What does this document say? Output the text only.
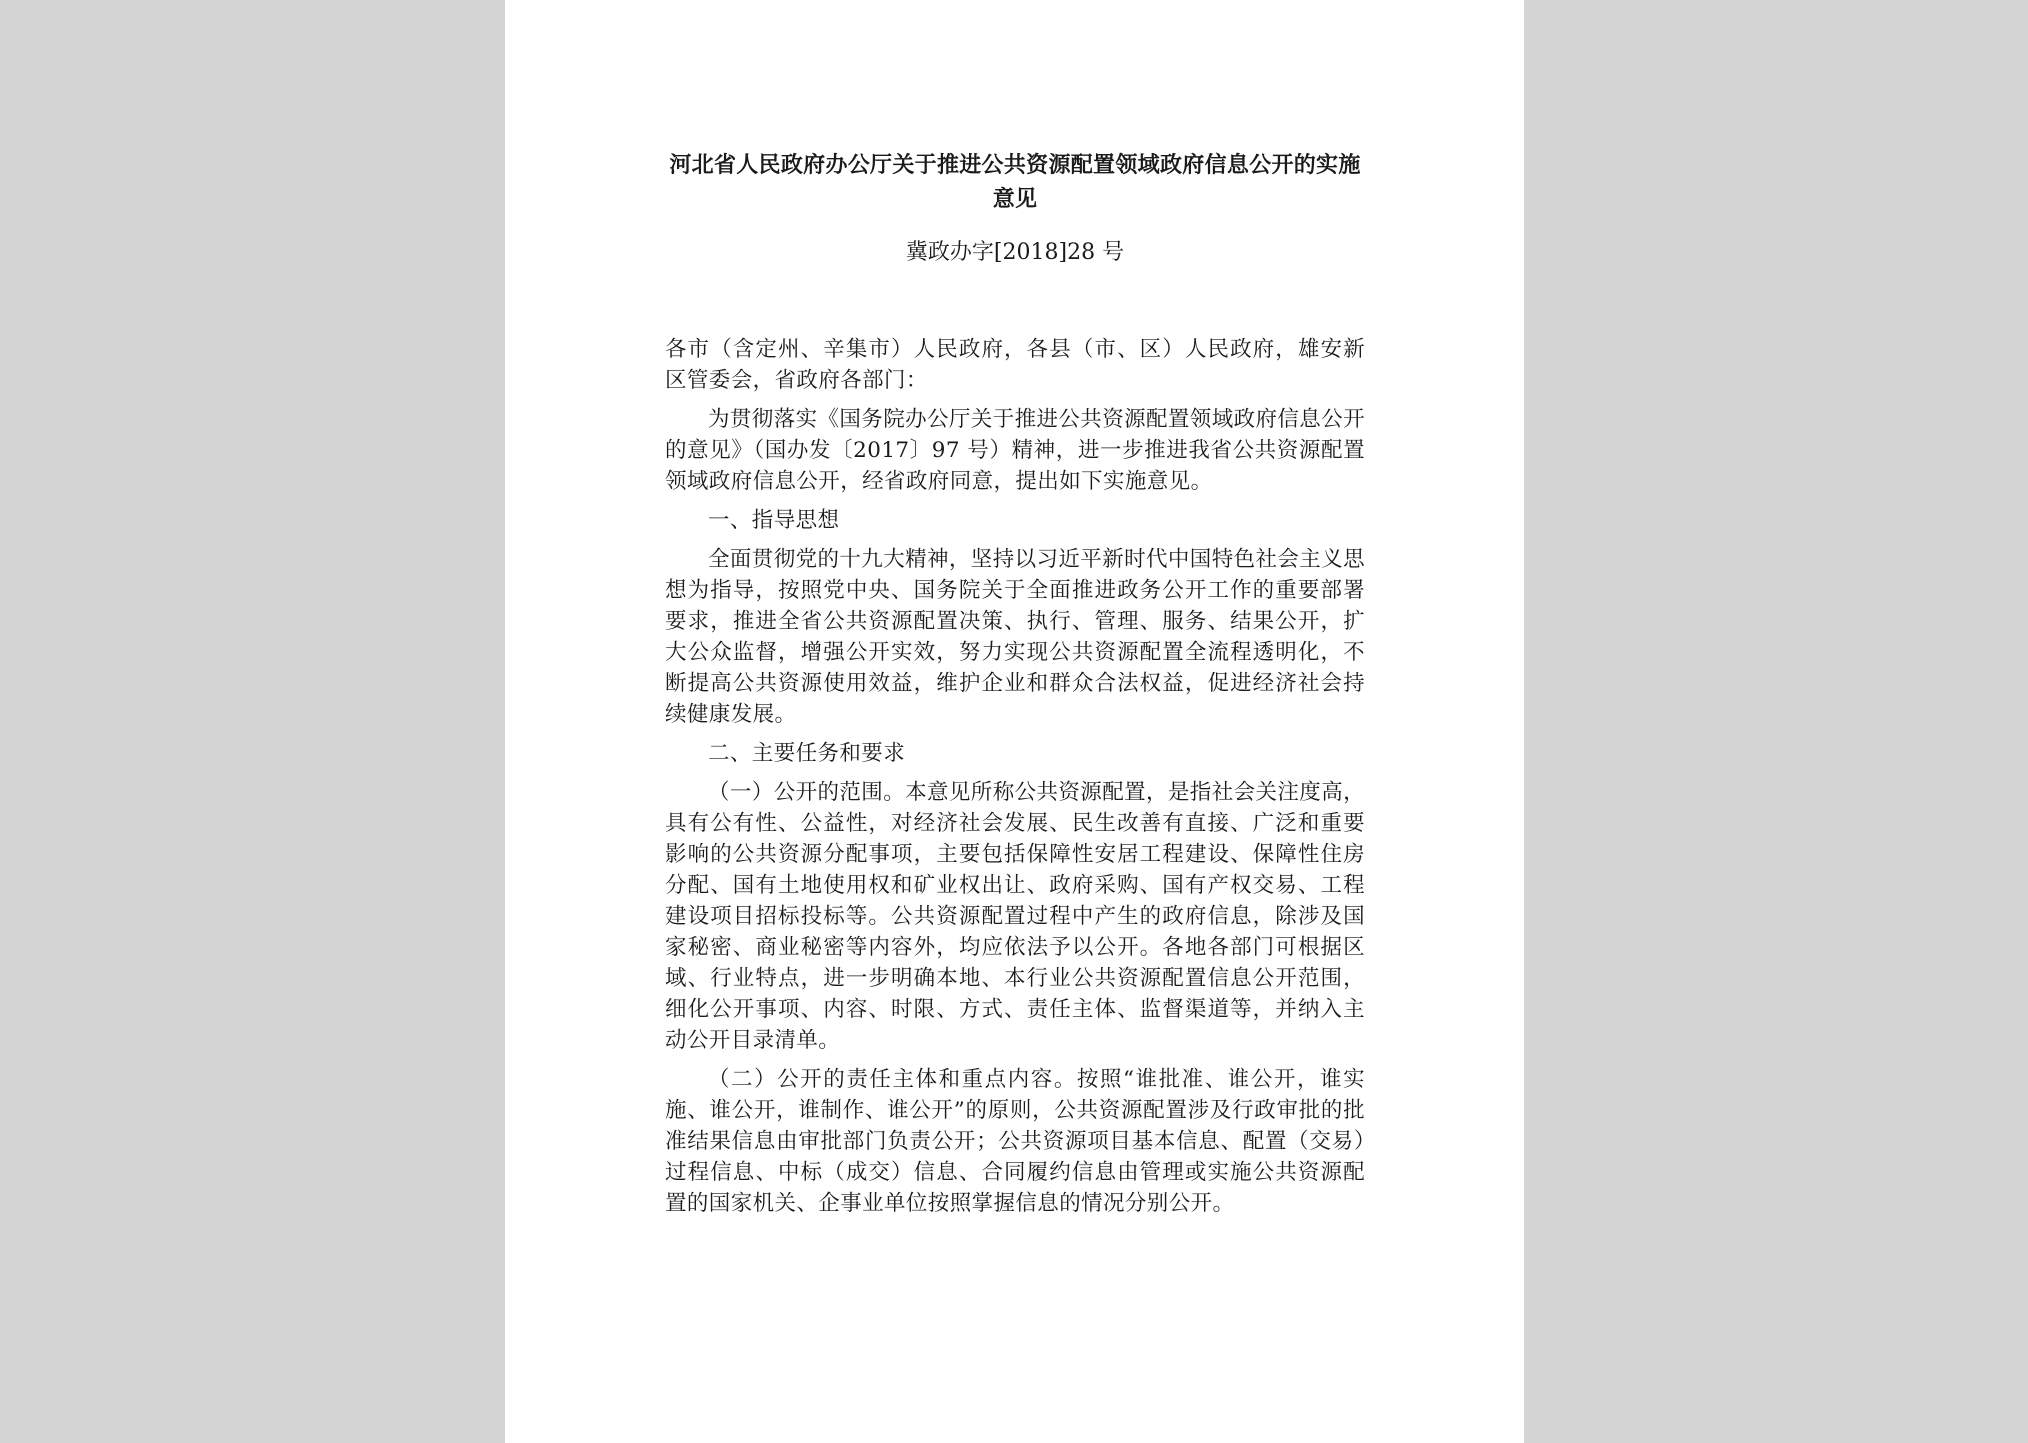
河北省人民政府办公厅关于推进公共资源配置领域政府信息公开的实施意见
冀政办字[2018]28 号

各市（含定州、辛集市）人民政府，各县（市、区）人民政府，雄安新区管委会，省政府各部门：

为贯彻落实《国务院办公厅关于推进公共资源配置领域政府信息公开的意见》（国办发〔2017〕97 号）精神，进一步推进我省公共资源配置领域政府信息公开，经省政府同意，提出如下实施意见。

一、指导思想

全面贯彻党的十九大精神，坚持以习近平新时代中国特色社会主义思想为指导，按照党中央、国务院关于全面推进政务公开工作的重要部署要求，推进全省公共资源配置决策、执行、管理、服务、结果公开，扩大公众监督，增强公开实效，努力实现公共资源配置全流程透明化，不断提高公共资源使用效益，维护企业和群众合法权益，促进经济社会持续健康发展。

二、主要任务和要求

（一）公开的范围。本意见所称公共资源配置，是指社会关注度高，具有公有性、公益性，对经济社会发展、民生改善有直接、广泛和重要影响的公共资源分配事项，主要包括保障性安居工程建设、保障性住房分配、国有土地使用权和矿业权出让、政府采购、国有产权交易、工程建设项目招标投标等。公共资源配置过程中产生的政府信息，除涉及国家秘密、商业秘密等内容外，均应依法予以公开。各地各部门可根据区域、行业特点，进一步明确本地、本行业公共资源配置信息公开范围，细化公开事项、内容、时限、方式、责任主体、监督渠道等，并纳入主动公开目录清单。

（二）公开的责任主体和重点内容。按照“谁批准、谁公开，谁实施、谁公开，谁制作、谁公开”的原则，公共资源配置涉及行政审批的批准结果信息由审批部门负责公开；公共资源项目基本信息、配置（交易）过程信息、中标（成交）信息、合同履约信息由管理或实施公共资源配置的国家机关、企事业单位按照掌握信息的情况分别公开。
